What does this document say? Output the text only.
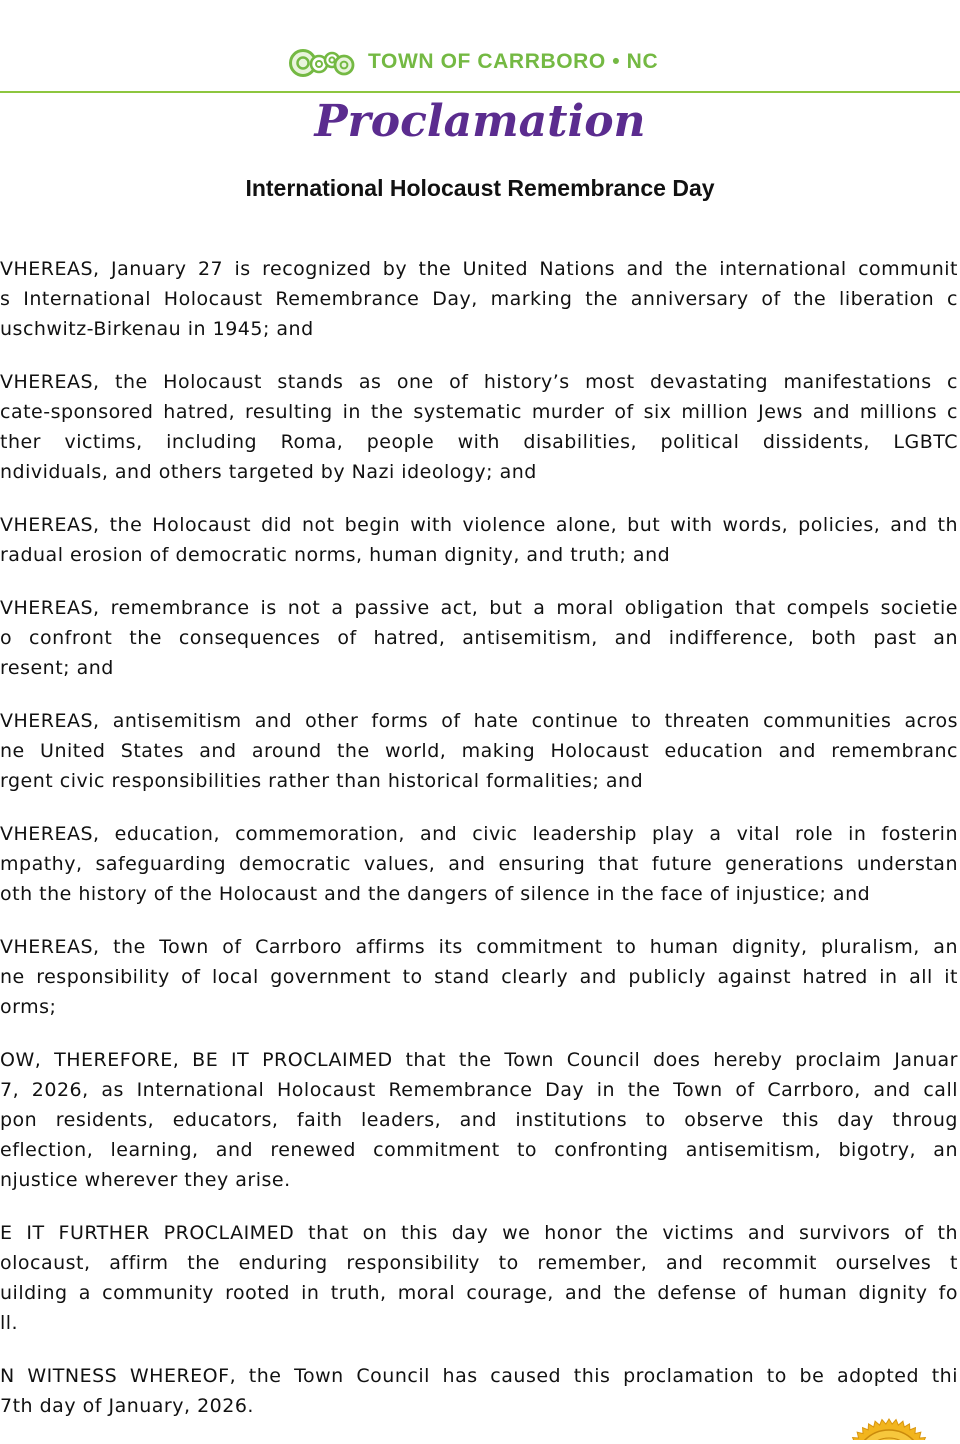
TOWN OF CARRBORO • NC
Proclamation
International Holocaust Remembrance Day
VHEREAS, January 27 is recognized by the United Nations and the international communit
s International Holocaust Remembrance Day, marking the anniversary of the liberation c
uschwitz-Birkenau in 1945; and
VHEREAS, the Holocaust stands as one of history’s most devastating manifestations c
cate-sponsored hatred, resulting in the systematic murder of six million Jews and millions c
ther victims, including Roma, people with disabilities, political dissidents, LGBTC
ndividuals, and others targeted by Nazi ideology; and
VHEREAS, the Holocaust did not begin with violence alone, but with words, policies, and th
radual erosion of democratic norms, human dignity, and truth; and
VHEREAS, remembrance is not a passive act, but a moral obligation that compels societie
o confront the consequences of hatred, antisemitism, and indifference, both past an
resent; and
VHEREAS, antisemitism and other forms of hate continue to threaten communities acros
ne United States and around the world, making Holocaust education and remembranc
rgent civic responsibilities rather than historical formalities; and
VHEREAS, education, commemoration, and civic leadership play a vital role in fosterin
mpathy, safeguarding democratic values, and ensuring that future generations understan
oth the history of the Holocaust and the dangers of silence in the face of injustice; and
VHEREAS, the Town of Carrboro affirms its commitment to human dignity, pluralism, an
ne responsibility of local government to stand clearly and publicly against hatred in all it
orms;
OW, THEREFORE, BE IT PROCLAIMED that the Town Council does hereby proclaim Januar
7, 2026, as International Holocaust Remembrance Day in the Town of Carrboro, and call
pon residents, educators, faith leaders, and institutions to observe this day throug
eflection, learning, and renewed commitment to confronting antisemitism, bigotry, an
njustice wherever they arise.
E IT FURTHER PROCLAIMED that on this day we honor the victims and survivors of th
olocaust, affirm the enduring responsibility to remember, and recommit ourselves t
uilding a community rooted in truth, moral courage, and the defense of human dignity fo
ll.
N WITNESS WHEREOF, the Town Council has caused this proclamation to be adopted thi
7th day of January, 2026.
